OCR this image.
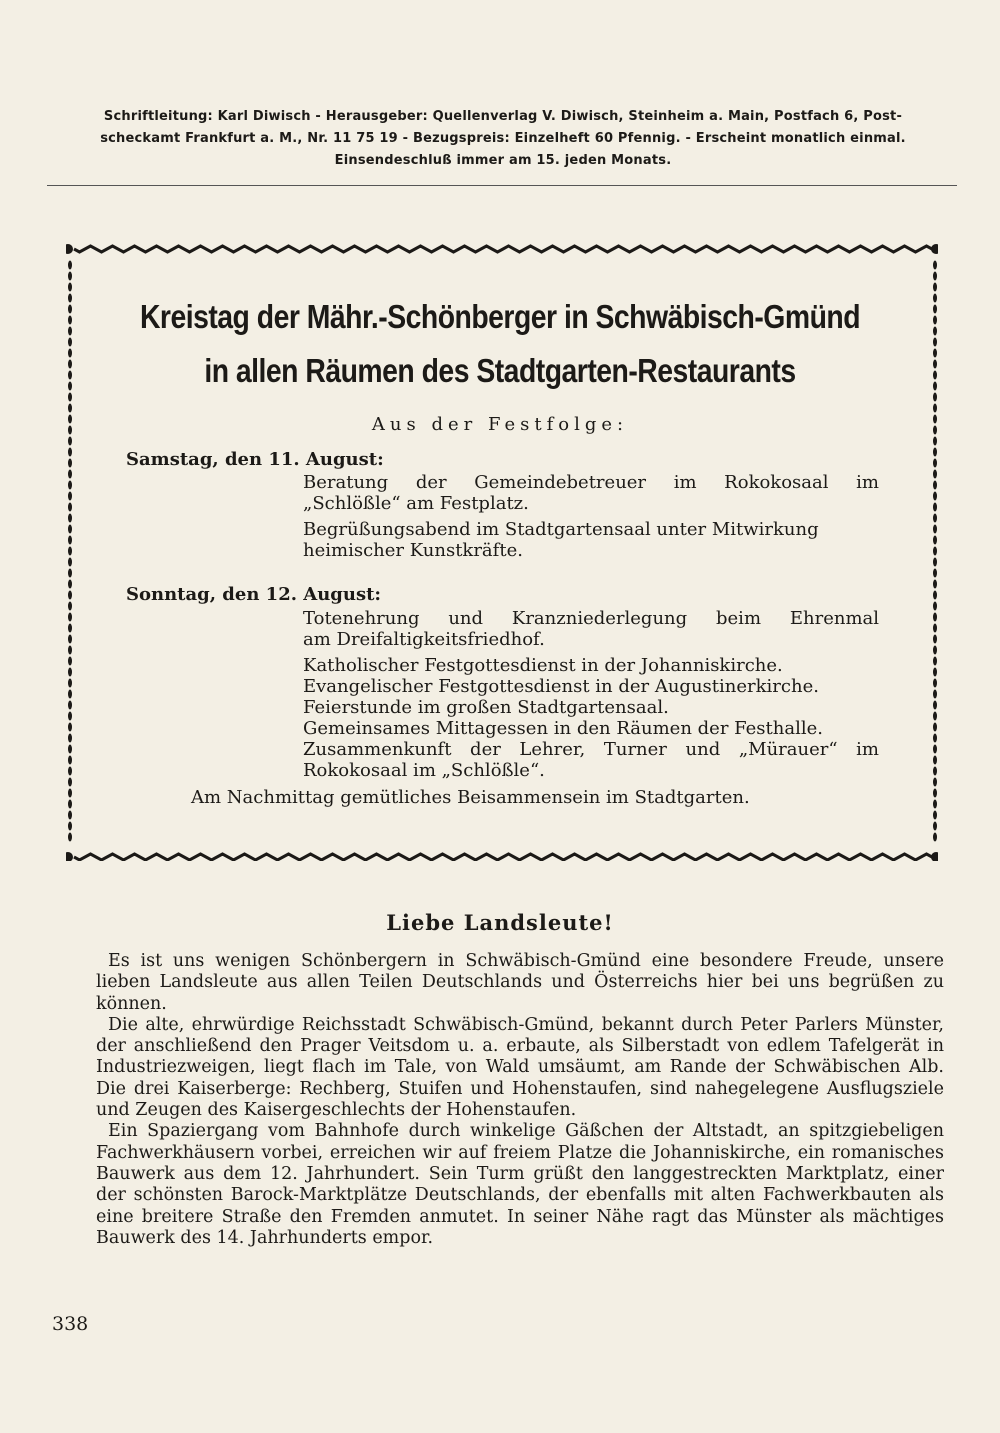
Schriftleitung: Karl Diwisch - Herausgeber: Quellenverlag V. Diwisch, Steinheim a. Main, Postfach 6, Post-
scheckamt Frankfurt a. M., Nr. 11 75 19 - Bezugspreis: Einzelheft 60 Pfennig. - Erscheint monatlich einmal.
Einsendeschluß immer am 15. jeden Monats.
Kreistag der Mähr.-Schönberger in Schwäbisch-Gmünd
in allen Räumen des Stadtgarten-Restaurants
Aus der Festfolge:
Samstag, den 11. August:
Beratung der Gemeindebetreuer im Rokokosaal im
„Schlößle“ am Festplatz.
Begrüßungsabend im Stadtgartensaal unter Mitwirkung
heimischer Kunstkräfte.
Sonntag, den 12. August:
Totenehrung und Kranzniederlegung beim Ehrenmal
am Dreifaltigkeitsfriedhof.
Katholischer Festgottesdienst in der Johanniskirche.
Evangelischer Festgottesdienst in der Augustinerkirche.
Feierstunde im großen Stadtgartensaal.
Gemeinsames Mittagessen in den Räumen der Festhalle.
Zusammenkunft der Lehrer, Turner und „Mürauer“ im
Rokokosaal im „Schlößle“.
Am Nachmittag gemütliches Beisammensein im Stadtgarten.
Liebe Landsleute!

Es ist uns wenigen Schönbergern in Schwäbisch-Gmünd eine besondere Freude, unsere lieben Landsleute aus allen Teilen Deutschlands und Österreichs hier bei uns begrüßen zu können.

Die alte, ehrwürdige Reichsstadt Schwäbisch-Gmünd, bekannt durch Peter Parlers Münster, der anschließend den Prager Veitsdom u. a. erbaute, als Silberstadt von edlem Tafelgerät in Industriezweigen, liegt flach im Tale, von Wald umsäumt, am Rande der Schwäbischen Alb. Die drei Kaiserberge: Rechberg, Stuifen und Hohenstaufen, sind nahegelegene Ausflugsziele und Zeugen des Kaisergeschlechts der Hohenstaufen.

Ein Spaziergang vom Bahnhofe durch winkelige Gäßchen der Altstadt, an spitzgiebeligen Fachwerkhäusern vorbei, erreichen wir auf freiem Platze die Johanniskirche, ein romanisches Bauwerk aus dem 12. Jahrhundert. Sein Turm grüßt den langgestreckten Marktplatz, einer der schönsten Barock-Marktplätze Deutschlands, der ebenfalls mit alten Fachwerkbauten als eine breitere Straße den Fremden anmutet. In seiner Nähe ragt das Münster als mächtiges Bauwerk des 14. Jahrhunderts empor.

338
